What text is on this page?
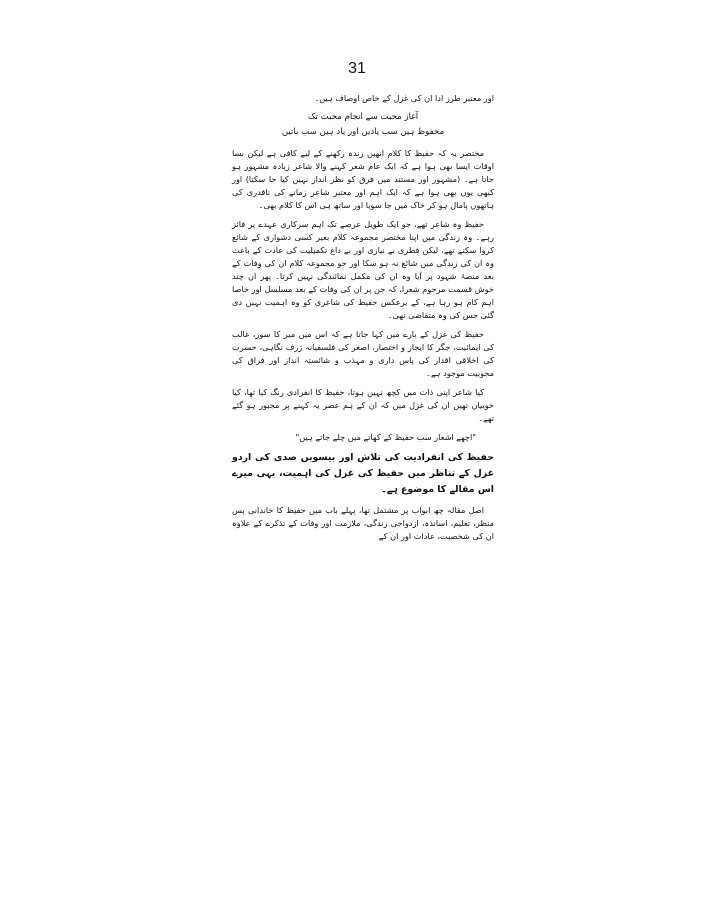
31

اور معتبر طرز ادا ان کی غزل کے خاص اوصاف ہیں۔

آغاز محبت سے انجام محبت تک

محفوظ ہیں سب یادیں اور یاد ہیں سب باتیں

مختصر یہ کہ حفیظ کا کلام انھیں زندہ رکھنے کے لیے کافی ہے لیکن بسا اوقات ایسا بھی ہوا ہے کہ ایک عام شعر کہنے والا شاعر زیادہ مشہور ہو جاتا ہے۔ (مشہور اور مستند میں فرق کو نظر انداز نہیں کیا جا سکتا) اور کبھی یوں بھی ہوا ہے کہ ایک اہم اور معتبر شاعر زمانے کی ناقدری کی ہاتھوں پامال ہو کر خاک میں جا سویا اور ساتھ ہی اس کا کلام بھی۔

حفیظ وہ شاعر تھے، جو ایک طویل عرصے تک اہم سرکاری عہدے پر فائز رہے۔ وہ زندگی میں اپنا مختصر مجموعہ کلام بغیر کسی دشواری کے شائع کروا سکتے تھے، لیکن فطری بے نیازی اور بے داغ تکمیلیت کی عادت کے باعث وہ ان کی زندگی میں شائع نہ ہو سکا اور جو مجموعہ کلام ان کی وفات کے بعد منصۂ شہود پر آیا وہ ان کی مکمل نمائندگی نہیں کرتا۔ پھر ان چند خوش قسمت مرحوم شعرا، کہ جن پر ان کی وفات کے بعد مسلسل اور خاصا اہم کام ہو رہا ہے، کے برعکس حفیظ کی شاعری کو وہ اہمیت نہیں دی گئی جس کی وہ متقاضی تھی۔

حفیظ کی غزل کے بارے میں کہا جاتا ہے کہ اس میں میر کا سوز، غالب کی ایمائیت، جگر کا ایجاز و اختصار، اصغر کی فلسفیانہ ژرف نگاہی، حسرت کی اخلاقی اقدار کی پاس داری و مہذب و شائستہ انداز اور فراق کی مجوبیت موجود ہے۔

کیا شاعر اپنی ذات میں کچھ نہیں ہوتا، حفیظ کا انفرادی رنگ کیا تھا، کیا خوبیاں تھیں ان کی غزل میں کہ ان کے ہم عصر یہ کہنے پر مجبور ہو گئے تھے۔

"اچھے اشعار سب حفیظ کے کھاتے میں چلے جاتے ہیں"

حفیظ کی انفرادیت کی تلاش اور بیسویں صدی کی اردو غزل کے تناظر میں حفیظ کی غزل کی اہمیت، یہی میرے اس مقالے کا موضوع ہے۔

اصل مقالہ چھ ابواب پر مشتمل تھا، پہلے باب میں حفیظ کا خاندانی پس منظر، تعلیم، اساتذہ، ازدواجی زندگی، ملازمت اور وفات کے تذکرے کے علاوہ ان کی شخصیت، عادات اور ان کے
